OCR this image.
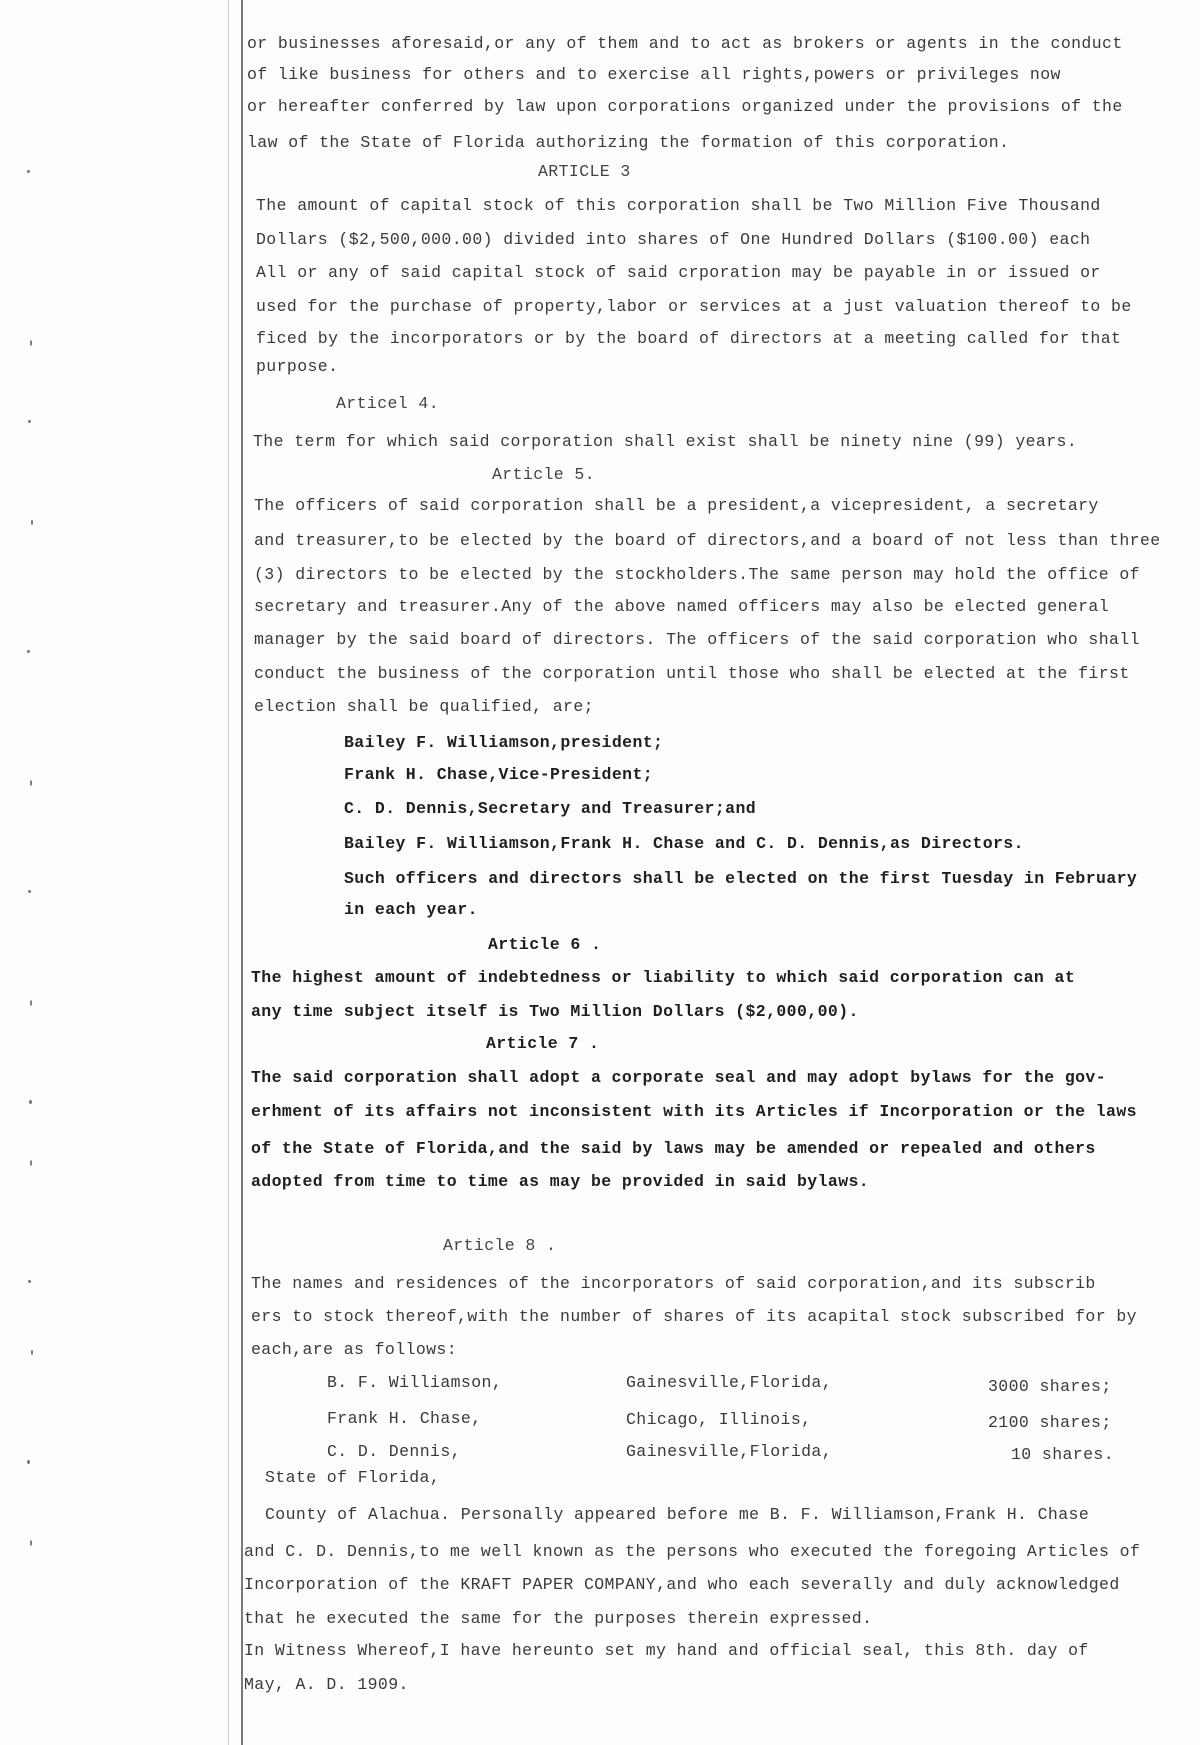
or businesses aforesaid,or any of them and to act as brokers or agents in the conduct
of like business for others and to exercise all rights,powers or privileges now
or hereafter conferred by law upon corporations organized under the provisions of the
law of the State of Florida authorizing the formation of this corporation.
ARTICLE 3
The amount of capital stock of this corporation shall be Two Million Five Thousand
Dollars ($2,500,000.00) divided into shares of One Hundred Dollars ($100.00) each
All or any of said capital stock of said crporation may be payable in or issued or
used for the purchase of property,labor or services at a just valuation thereof to be
ficed by the incorporators or by the board of directors at a meeting called for that
purpose.
Articel 4.
The term for which said corporation shall exist shall be ninety nine (99) years.
Article 5.
The officers of said corporation shall be a president,a vicepresident, a secretary
and treasurer,to be elected by the board of directors,and a board of not less than three
(3) directors to be elected by the stockholders.The same person may hold the office of
secretary and treasurer.Any of the above named officers may also be elected general
manager by the said board of directors. The officers of the said corporation who shall
conduct the business of the corporation until those who shall be elected at the first
election shall be qualified, are;
Bailey F. Williamson,president;
Frank H. Chase,Vice-President;
C. D. Dennis,Secretary and Treasurer;and
Bailey F. Williamson,Frank H. Chase and C. D. Dennis,as Directors.
Such officers and directors shall be elected on the first Tuesday in February
in each year.
Article 6 .
The highest amount of indebtedness or liability to which said corporation can at
any time subject itself is Two Million Dollars ($2,000,00).
Article 7 .
The said corporation shall adopt a corporate seal and may adopt bylaws for the gov-
erhment of its affairs not inconsistent with its Articles if Incorporation or the laws
of the State of Florida,and the said by laws may be amended or repealed and others
adopted from time to time as may be provided in said bylaws.
Article 8 .
The names and residences of the incorporators of said corporation,and its subscrib
ers to stock thereof,with the number of shares of its acapital stock subscribed for by
each,are as follows:
B. F. Williamson,	Gainesville,Florida,	3000 shares;
Frank H. Chase,	Chicago, Illinois,	2100 shares;
C. D. Dennis,	Gainesville,Florida,	10 shares.
State of Florida,
County of Alachua. Personally appeared before me B. F. Williamson,Frank H. Chase
and C. D. Dennis,to me well known as the persons who executed the foregoing Articles of
Incorporation of the KRAFT PAPER COMPANY,and who each severally and duly acknowledged
that he executed the same for the purposes therein expressed.
In Witness Whereof,I have hereunto set my hand and official seal, this 8th. day of
May, A. D. 1909.
